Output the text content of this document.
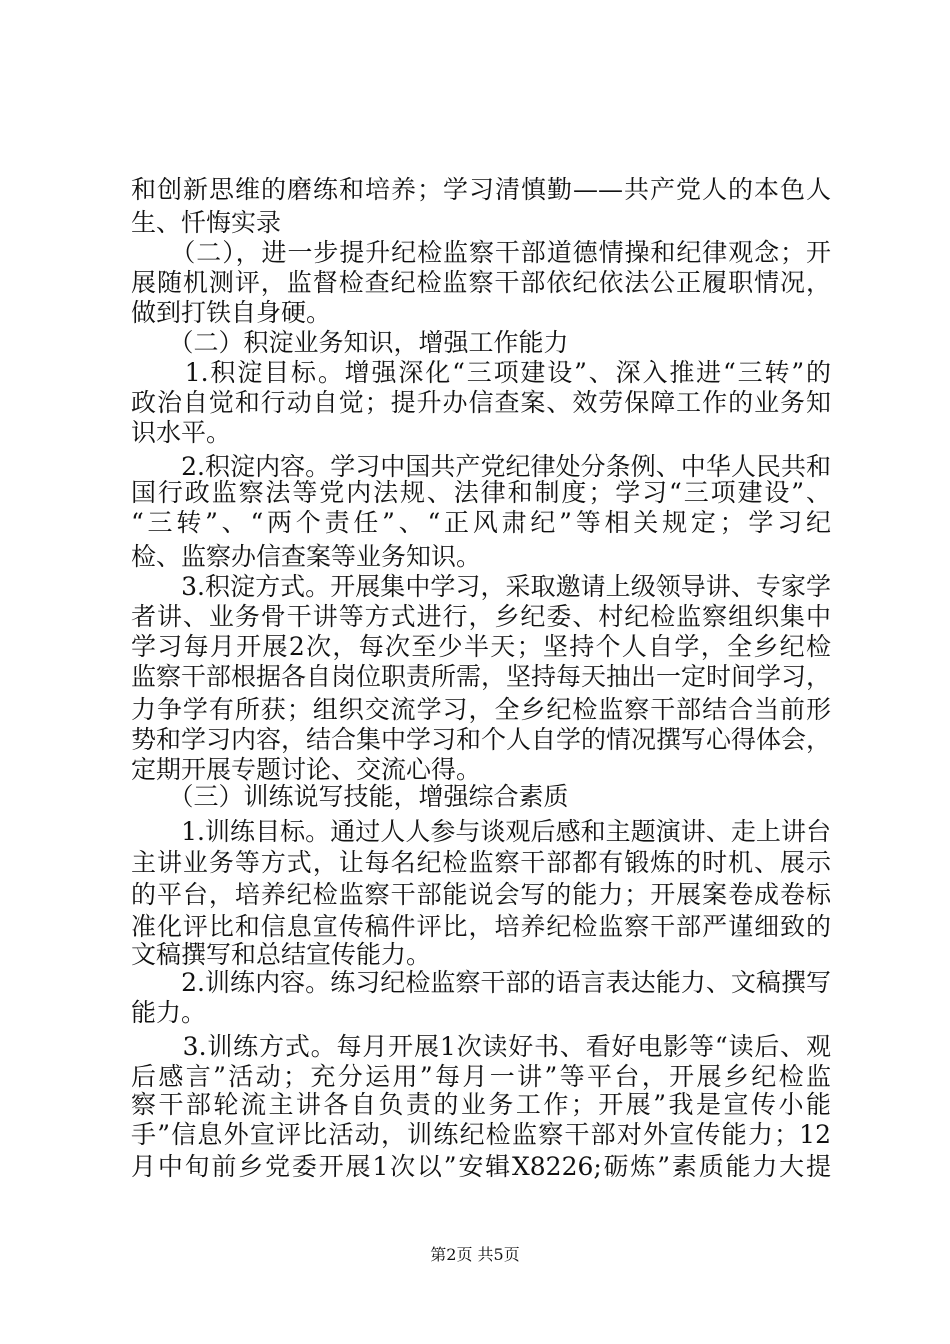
和创新思维的磨练和培养；学习清慎勤——共产党人的本色人
生、忏悔实录
　　（二），进一步提升纪检监察干部道德情操和纪律观念；开
展随机测评，监督检查纪检监察干部依纪依法公正履职情况，
做到打铁自身硬。
　　（二）积淀业务知识，增强工作能力
　　1.积淀目标。增强深化“三项建设”、深入推进“三转”的
政治自觉和行动自觉；提升办信查案、效劳保障工作的业务知
识水平。
　　2.积淀内容。学习中国共产党纪律处分条例、中华人民共和
国行政监察法等党内法规、法律和制度；学习“三项建设”、
“三转”、“两个责任”、“正风肃纪”等相关规定；学习纪
检、监察办信查案等业务知识。
　　3.积淀方式。开展集中学习，采取邀请上级领导讲、专家学
者讲、业务骨干讲等方式进行，乡纪委、村纪检监察组织集中
学习每月开展2次，每次至少半天；坚持个人自学，全乡纪检
监察干部根据各自岗位职责所需，坚持每天抽出一定时间学习，
力争学有所获；组织交流学习，全乡纪检监察干部结合当前形
势和学习内容，结合集中学习和个人自学的情况撰写心得体会，
定期开展专题讨论、交流心得。
　　（三）训练说写技能，增强综合素质
　　1.训练目标。通过人人参与谈观后感和主题演讲、走上讲台
主讲业务等方式，让每名纪检监察干部都有锻炼的时机、展示
的平台，培养纪检监察干部能说会写的能力；开展案卷成卷标
准化评比和信息宣传稿件评比，培养纪检监察干部严谨细致的
文稿撰写和总结宣传能力。
　　2.训练内容。练习纪检监察干部的语言表达能力、文稿撰写
能力。
　　3.训练方式。每月开展1次读好书、看好电影等“读后、观
后感言”活动；充分运用”每月一讲”等平台，开展乡纪检监
察干部轮流主讲各自负责的业务工作；开展”我是宣传小能
手”信息外宣评比活动，训练纪检监察干部对外宣传能力；12
月中旬前乡党委开展1次以”安辑X8226;砺炼”素质能力大提
第2页 共5页
